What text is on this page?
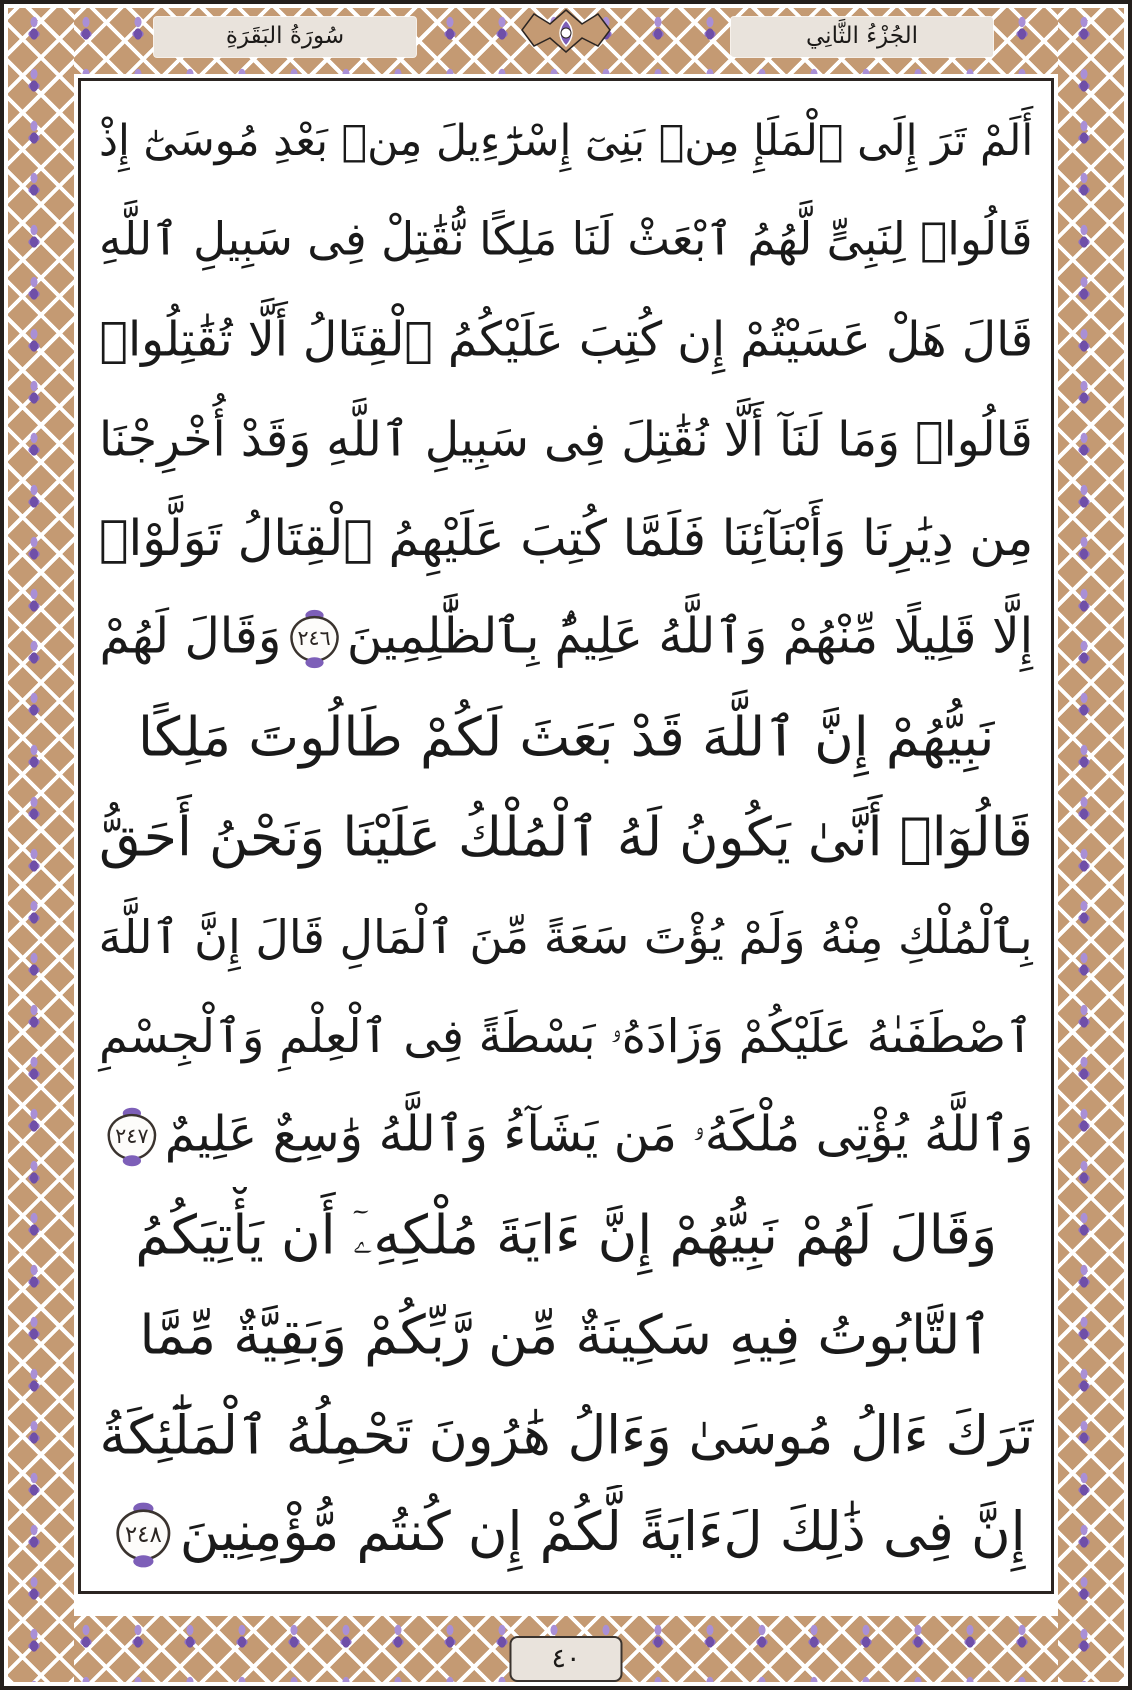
سُورَةُ البَقَرَةِ	الجُزْءُ الثَّانِي
أَلَمْ تَرَ إِلَى ٱلْمَلَإِ مِنۢ بَنِىٓ إِسْرَٰٓءِيلَ مِنۢ بَعْدِ مُوسَىٰٓ إِذْ
قَالُوا۟ لِنَبِىٍّ لَّهُمُ ٱبْعَثْ لَنَا مَلِكًا نُّقَٰتِلْ فِى سَبِيلِ ٱللَّهِ
قَالَ هَلْ عَسَيْتُمْ إِن كُتِبَ عَلَيْكُمُ ٱلْقِتَالُ أَلَّا تُقَٰتِلُوا۟
قَالُوا۟ وَمَا لَنَآ أَلَّا نُقَٰتِلَ فِى سَبِيلِ ٱللَّهِ وَقَدْ أُخْرِجْنَا
مِن دِيَٰرِنَا وَأَبْنَآئِنَا فَلَمَّا كُتِبَ عَلَيْهِمُ ٱلْقِتَالُ تَوَلَّوْا۟
إِلَّا قَلِيلًا مِّنْهُمْ وَٱللَّهُ عَلِيمٌۢ بِٱلظَّٰلِمِينَ
٢٤٦
وَقَالَ لَهُمْ
نَبِيُّهُمْ إِنَّ ٱللَّهَ قَدْ بَعَثَ لَكُمْ طَالُوتَ مَلِكًا
قَالُوٓا۟ أَنَّىٰ يَكُونُ لَهُ ٱلْمُلْكُ عَلَيْنَا وَنَحْنُ أَحَقُّ
بِٱلْمُلْكِ مِنْهُ وَلَمْ يُؤْتَ سَعَةً مِّنَ ٱلْمَالِ قَالَ إِنَّ ٱللَّهَ
ٱصْطَفَىٰهُ عَلَيْكُمْ وَزَادَهُۥ بَسْطَةً فِى ٱلْعِلْمِ وَٱلْجِسْمِ
وَٱللَّهُ يُؤْتِى مُلْكَهُۥ مَن يَشَآءُ وَٱللَّهُ وَٰسِعٌ عَلِيمٌ
٢٤٧
وَقَالَ لَهُمْ نَبِيُّهُمْ إِنَّ ءَايَةَ مُلْكِهِۦٓ أَن يَأْتِيَكُمُ
ٱلتَّابُوتُ فِيهِ سَكِينَةٌ مِّن رَّبِّكُمْ وَبَقِيَّةٌ مِّمَّا
تَرَكَ ءَالُ مُوسَىٰ وَءَالُ هَٰرُونَ تَحْمِلُهُ ٱلْمَلَٰٓئِكَةُ
إِنَّ فِى ذَٰلِكَ لَءَايَةً لَّكُمْ إِن كُنتُم مُّؤْمِنِينَ
٢٤٨
٤٠
